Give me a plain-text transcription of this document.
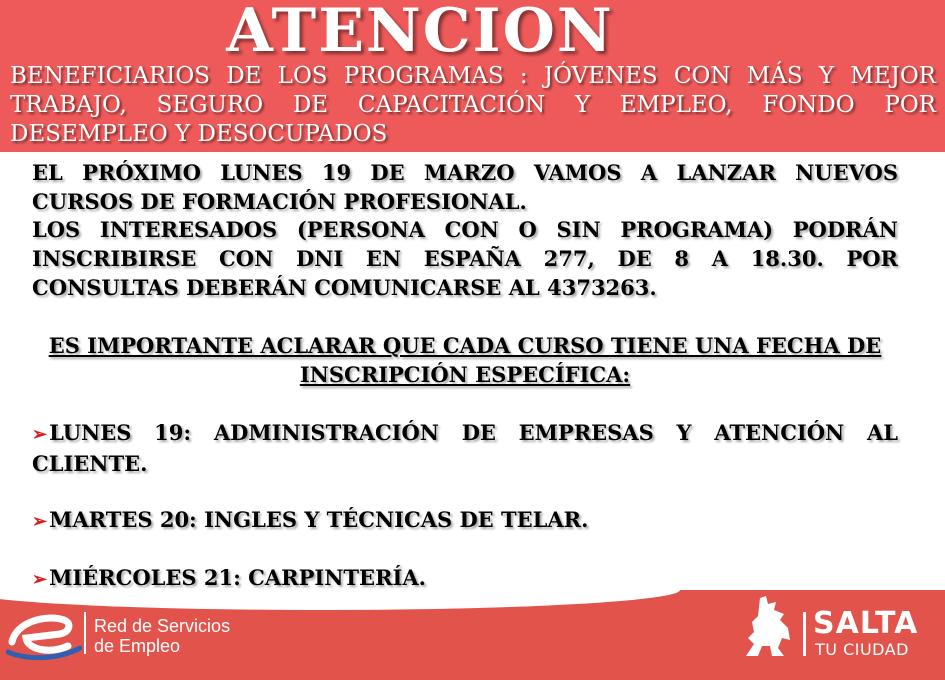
ATENCION
BENEFICIARIOS DE LOS PROGRAMAS : JÓVENES CON MÁS Y MEJOR TRABAJO, SEGURO DE CAPACITACIÓN Y EMPLEO, FONDO POR DESEMPLEO Y DESOCUPADOS
EL PRÓXIMO LUNES 19 DE MARZO VAMOS A LANZAR NUEVOS CURSOS DE FORMACIÓN PROFESIONAL.
LOS INTERESADOS (PERSONA CON O SIN PROGRAMA) PODRÁN INSCRIBIRSE CON DNI EN ESPAÑA 277, DE 8 A 18.30. POR CONSULTAS DEBERÁN COMUNICARSE AL 4373263.
ES IMPORTANTE ACLARAR QUE CADA CURSO TIENE UNA FECHA DE INSCRIPCIÓN ESPECÍFICA:
➢LUNES 19: ADMINISTRACIÓN DE EMPRESAS Y ATENCIÓN AL CLIENTE.
➢MARTES 20: INGLES Y TÉCNICAS DE TELAR.
➢MIÉRCOLES 21: CARPINTERÍA.
Red de Servicios
de Empleo
SALTA
TU CIUDAD
